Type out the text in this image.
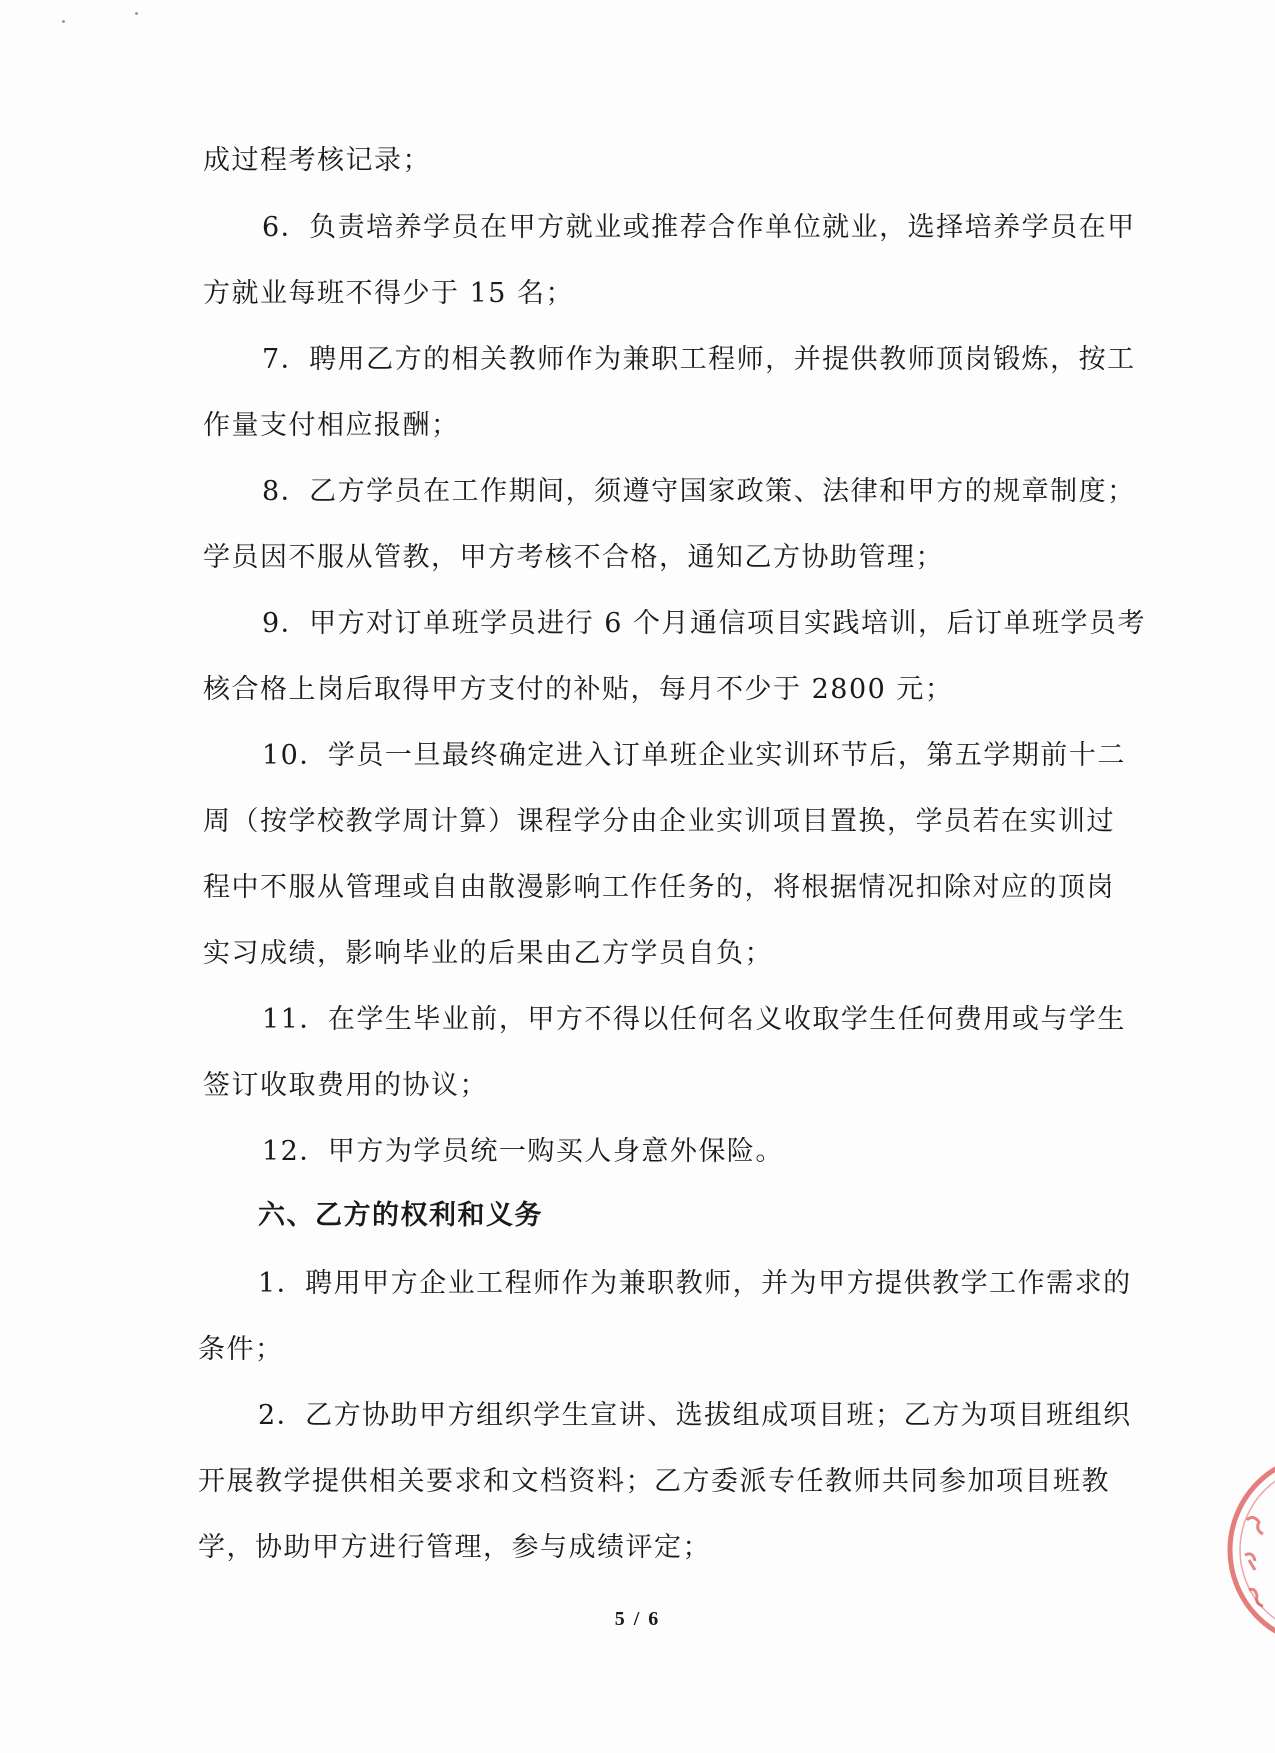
成过程考核记录；
6．负责培养学员在甲方就业或推荐合作单位就业，选择培养学员在甲
方就业每班不得少于 15 名；
7．聘用乙方的相关教师作为兼职工程师，并提供教师顶岗锻炼，按工
作量支付相应报酬；
8．乙方学员在工作期间，须遵守国家政策、法律和甲方的规章制度；
学员因不服从管教，甲方考核不合格，通知乙方协助管理；
9．甲方对订单班学员进行 6 个月通信项目实践培训，后订单班学员考
核合格上岗后取得甲方支付的补贴，每月不少于 2800 元；
10．学员一旦最终确定进入订单班企业实训环节后，第五学期前十二
周（按学校教学周计算）课程学分由企业实训项目置换，学员若在实训过
程中不服从管理或自由散漫影响工作任务的，将根据情况扣除对应的顶岗
实习成绩，影响毕业的后果由乙方学员自负；
11．在学生毕业前，甲方不得以任何名义收取学生任何费用或与学生
签订收取费用的协议；
12．甲方为学员统一购买人身意外保险。
六、乙方的权利和义务
1．聘用甲方企业工程师作为兼职教师，并为甲方提供教学工作需求的
条件；
2．乙方协助甲方组织学生宣讲、选拔组成项目班；乙方为项目班组织
开展教学提供相关要求和文档资料；乙方委派专任教师共同参加项目班教
学，协助甲方进行管理，参与成绩评定；
5 / 6
